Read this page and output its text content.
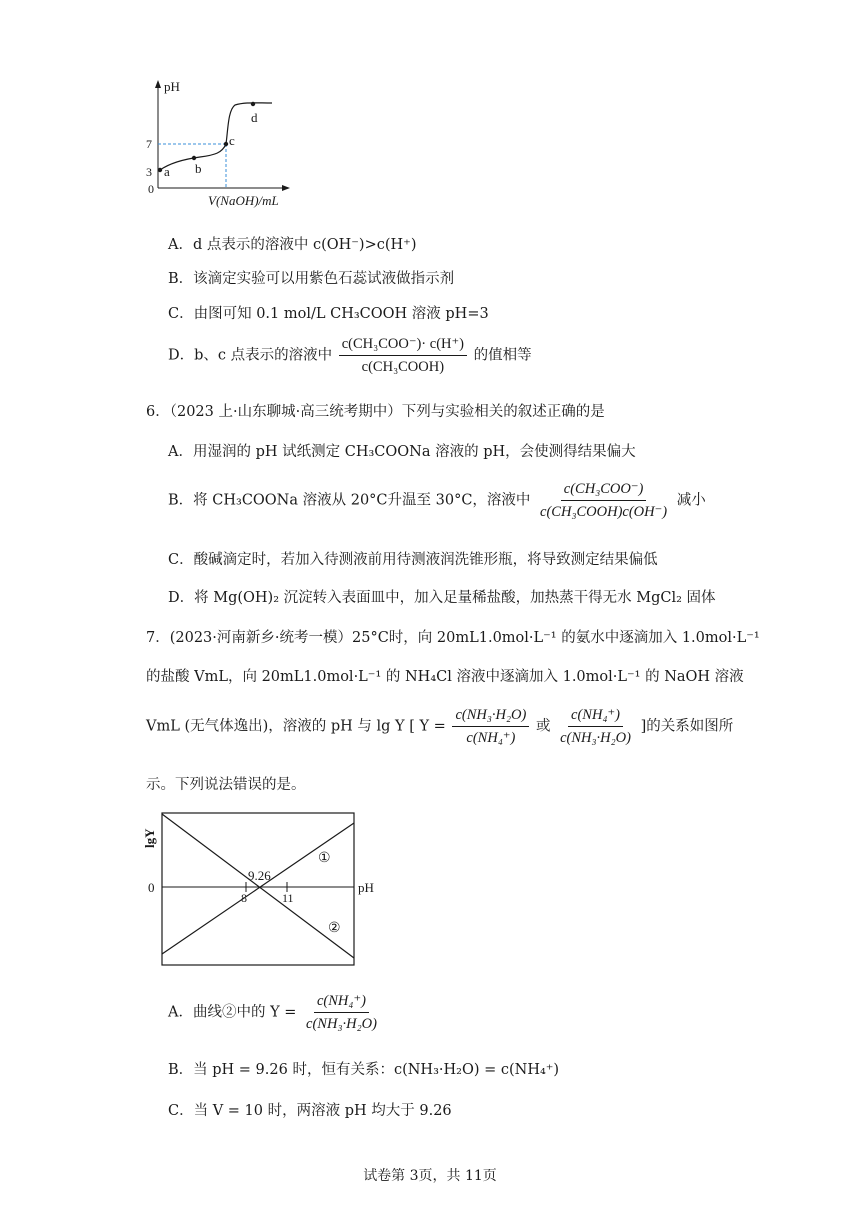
pH
V(NaOH)/mL
7
3
0
a b
c
d
A．d 点表示的溶液中 c(OH⁻)>c(H⁺)
B．该滴定实验可以用紫色石蕊试液做指示剂
C．由图可知 0.1 mol/L CH₃COOH 溶液 pH=3
D．b、c 点表示的溶液中 $\frac{\text{c(CH₃COO⁻)· c(H⁺)}}{\text{c(CH₃COOH)}}$ 的值相等
6．（2023 上·山东聊城·高三统考期中）下列与实验相关的叙述正确的是
A．用湿润的 pH 试纸测定 CH₃COONa 溶液的 pH，会使测得结果偏大
B．将 CH₃COONa 溶液从 20°C升温至 30°C，溶液中 $\frac{\text{c(CH₃COO⁻)}}{\text{c(CH₃COOH)c(OH⁻)}}$ 减小
C．酸碱滴定时，若加入待测液前用待测液润洗锥形瓶，将导致测定结果偏低
D．将 Mg(OH)₂ 沉淀转入表面皿中，加入足量稀盐酸，加热蒸干得无水 MgCl₂ 固体
7．(2023·河南新乡·统考一模）25°C时，向 20mL1.0mol·L⁻¹ 的氨水中逐滴加入 1.0mol·L⁻¹
的盐酸 VmL，向 20mL1.0mol·L⁻¹ 的 NH₄Cl 溶液中逐滴加入 1.0mol·L⁻¹ 的 NaOH 溶液
VmL (无气体逸出)，溶液的 pH 与 lg Y [ $Y = \frac{\text{c(NH₃·H₂O)}}{\text{c(NH₄⁺)}}$ 或 $\frac{\text{c(NH₄⁺)}}{\text{c(NH₃·H₂O)}}$ ]的关系如图所
示。下列说法错误的是。
lgY
0	pH
9.26
8	11
①
②
A．曲线②中的 $Y = \frac{\text{c(NH₄⁺)}}{\text{c(NH₃·H₂O)}}$
B．当 pH = 9.26 时，恒有关系：c(NH₃·H₂O) = c(NH₄⁺)
C．当 V = 10 时，两溶液 pH 均大于 9.26
试卷第 3页，共 11页
